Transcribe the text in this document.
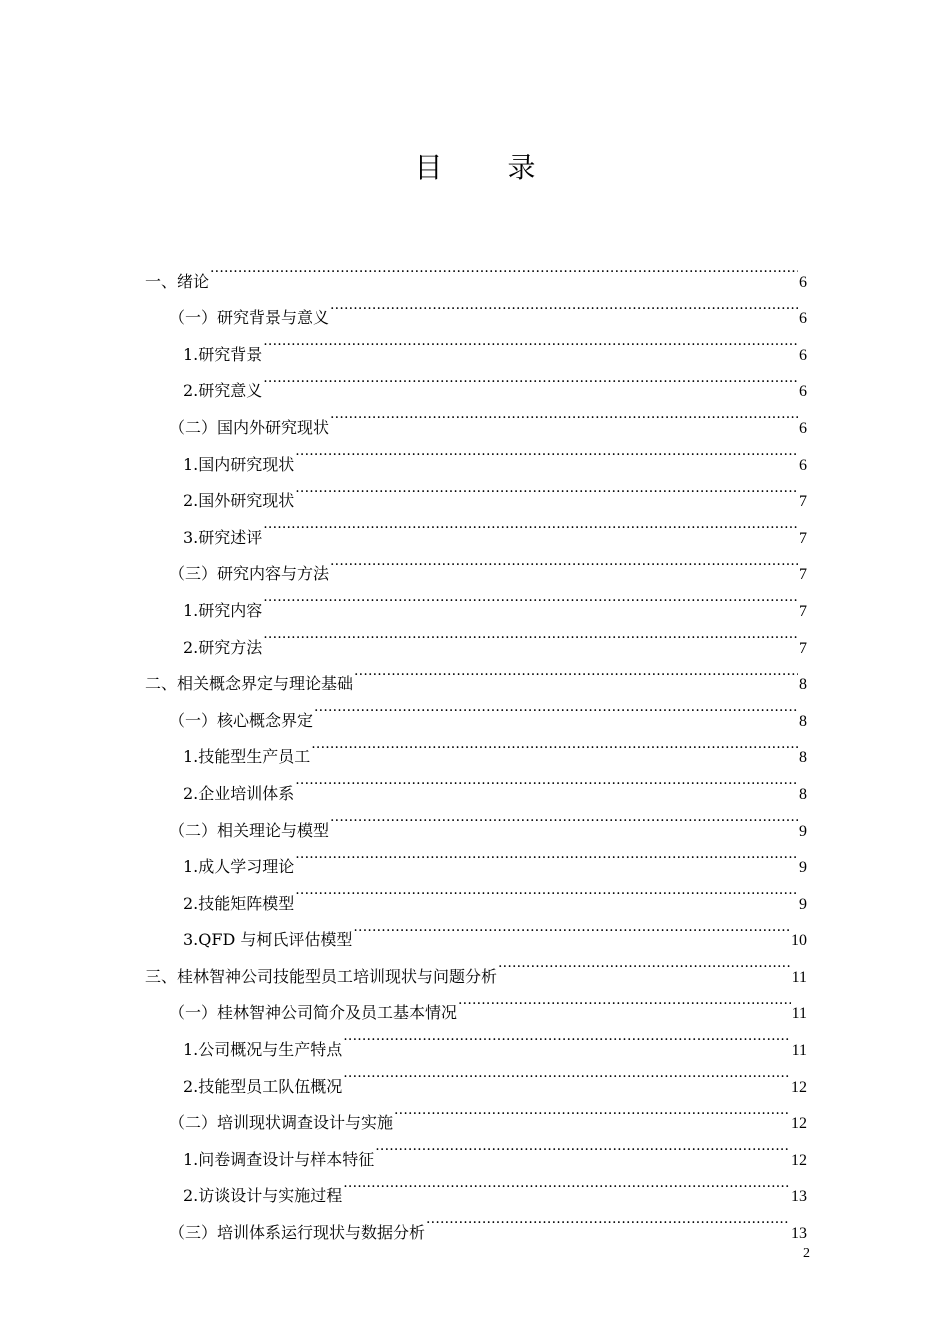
目 录
一、绪论 .....	6
（一）研究背景与意义 .....	6
1.研究背景 .....	6
2.研究意义 .....	6
（二）国内外研究现状 .....	6
1.国内研究现状 .....	6
2.国外研究现状 .....	7
3.研究述评 .....	7
（三）研究内容与方法 .....	7
1.研究内容 .....	7
2.研究方法 .....	7
二、相关概念界定与理论基础 .....	8
（一）核心概念界定 .....	8
1.技能型生产员工 .....	8
2.企业培训体系 .....	8
（二）相关理论与模型 .....	9
1.成人学习理论 .....	9
2.技能矩阵模型 .....	9
3.QFD 与柯氏评估模型 .....	10
三、桂林智神公司技能型员工培训现状与问题分析 .....	11
（一）桂林智神公司简介及员工基本情况 .....	11
1.公司概况与生产特点 .....	11
2.技能型员工队伍概况 .....	12
（二）培训现状调查设计与实施 .....	12
1.问卷调查设计与样本特征 .....	12
2.访谈设计与实施过程 .....	13
（三）培训体系运行现状与数据分析 .....	13
2
